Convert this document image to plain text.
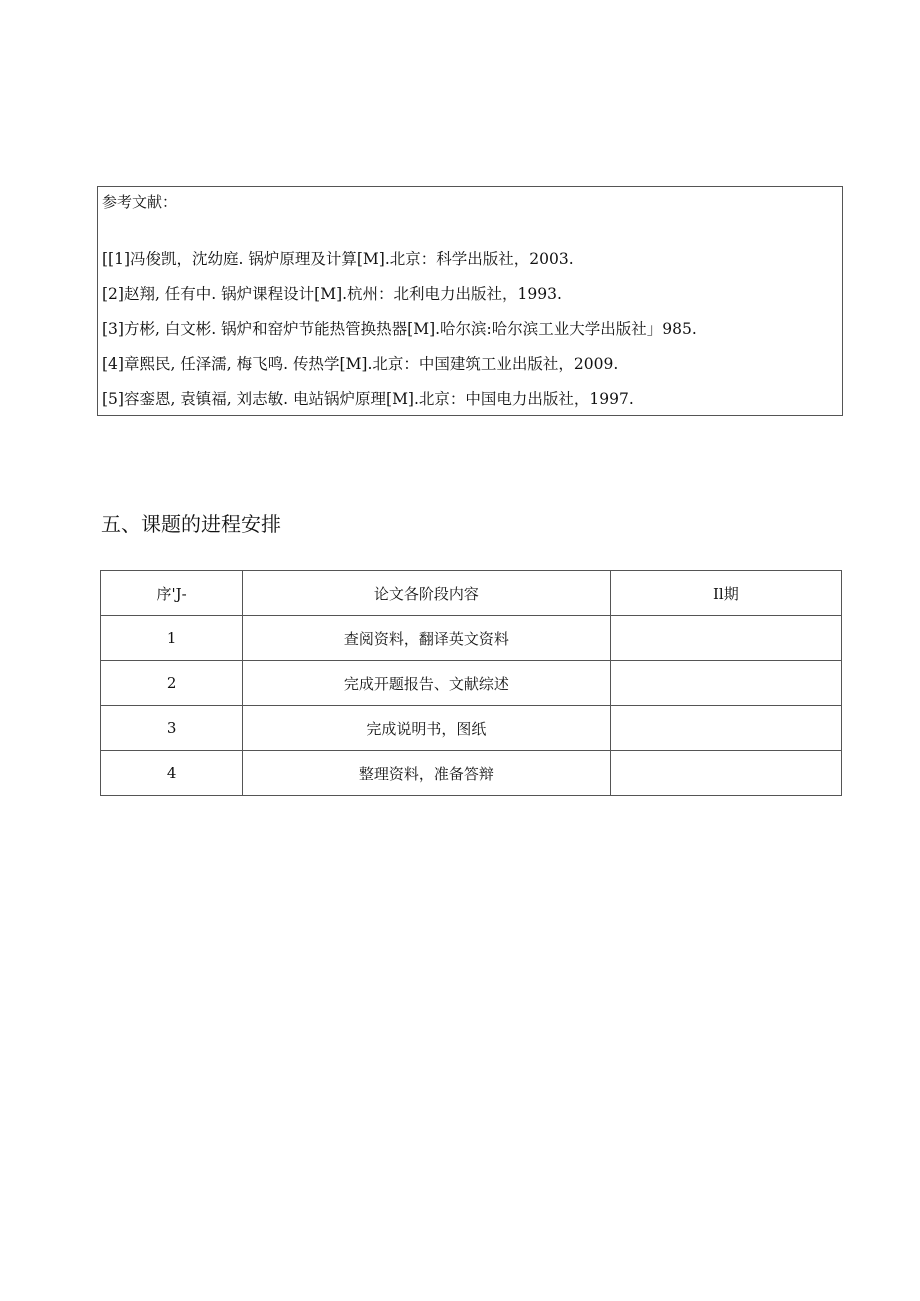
参考文献：
[[1]冯俊凯，沈幼庭. 锅炉原理及计算[M].北京：科学出版社，2003.
[2]赵翔, 任有中. 锅炉课程设计[M].杭州：北利电力出版社，1993.
[3]方彬, 白文彬. 锅炉和窑炉节能热管换热器[M].哈尔滨:哈尔滨工业大学出版社」985.
[4]章熙民, 任泽濡, 梅飞鸣. 传热学[M].北京：中国建筑工业出版社，2009.
[5]容銮恩, 袁镇福, 刘志敏. 电站锅炉原理[M].北京：中国电力出版社，1997.
五、课题的进程安排
序'J-	论文各阶段内容	Il期
1	查阅资料，翻译英文资料	
2	完成开题报告、文献综述	
3	完成说明书，图纸	
4	整理资料，准备答辩	
